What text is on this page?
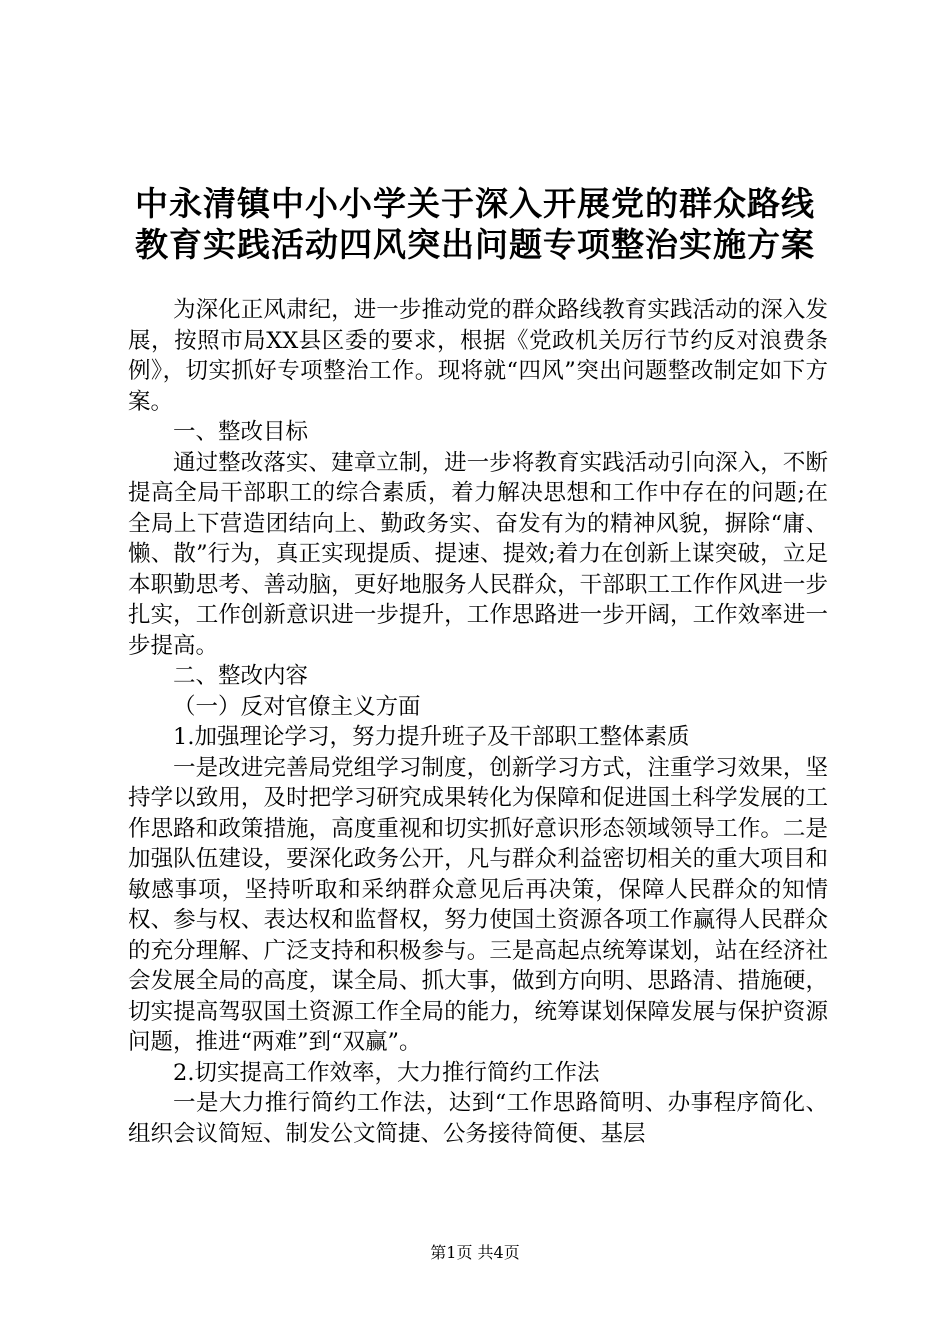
中永清镇中小小学关于深入开展党的群众路线
教育实践活动四风突出问题专项整治实施方案

为深化正风肃纪，进一步推动党的群众路线教育实践活动的深入发展，按照市局XX县区委的要求，根据《党政机关厉行节约反对浪费条例》，切实抓好专项整治工作。现将就“四风”突出问题整改制定如下方案。

一、整改目标

通过整改落实、建章立制，进一步将教育实践活动引向深入，不断提高全局干部职工的综合素质，着力解决思想和工作中存在的问题;在全局上下营造团结向上、勤政务实、奋发有为的精神风貌，摒除“庸、懒、散”行为，真正实现提质、提速、提效;着力在创新上谋突破，立足本职勤思考、善动脑，更好地服务人民群众，干部职工工作作风进一步扎实，工作创新意识进一步提升，工作思路进一步开阔，工作效率进一步提高。

二、整改内容

（一）反对官僚主义方面

1.加强理论学习，努力提升班子及干部职工整体素质

一是改进完善局党组学习制度，创新学习方式，注重学习效果，坚持学以致用，及时把学习研究成果转化为保障和促进国土科学发展的工作思路和政策措施，高度重视和切实抓好意识形态领域领导工作。二是加强队伍建设，要深化政务公开，凡与群众利益密切相关的重大项目和敏感事项，坚持听取和采纳群众意见后再决策，保障人民群众的知情权、参与权、表达权和监督权，努力使国土资源各项工作赢得人民群众的充分理解、广泛支持和积极参与。三是高起点统筹谋划，站在经济社会发展全局的高度，谋全局、抓大事，做到方向明、思路清、措施硬，切实提高驾驭国土资源工作全局的能力，统筹谋划保障发展与保护资源问题，推进“两难”到“双赢”。

2.切实提高工作效率，大力推行简约工作法

一是大力推行简约工作法，达到“工作思路简明、办事程序简化、组织会议简短、制发公文简捷、公务接待简便、基层

第1页 共4页
